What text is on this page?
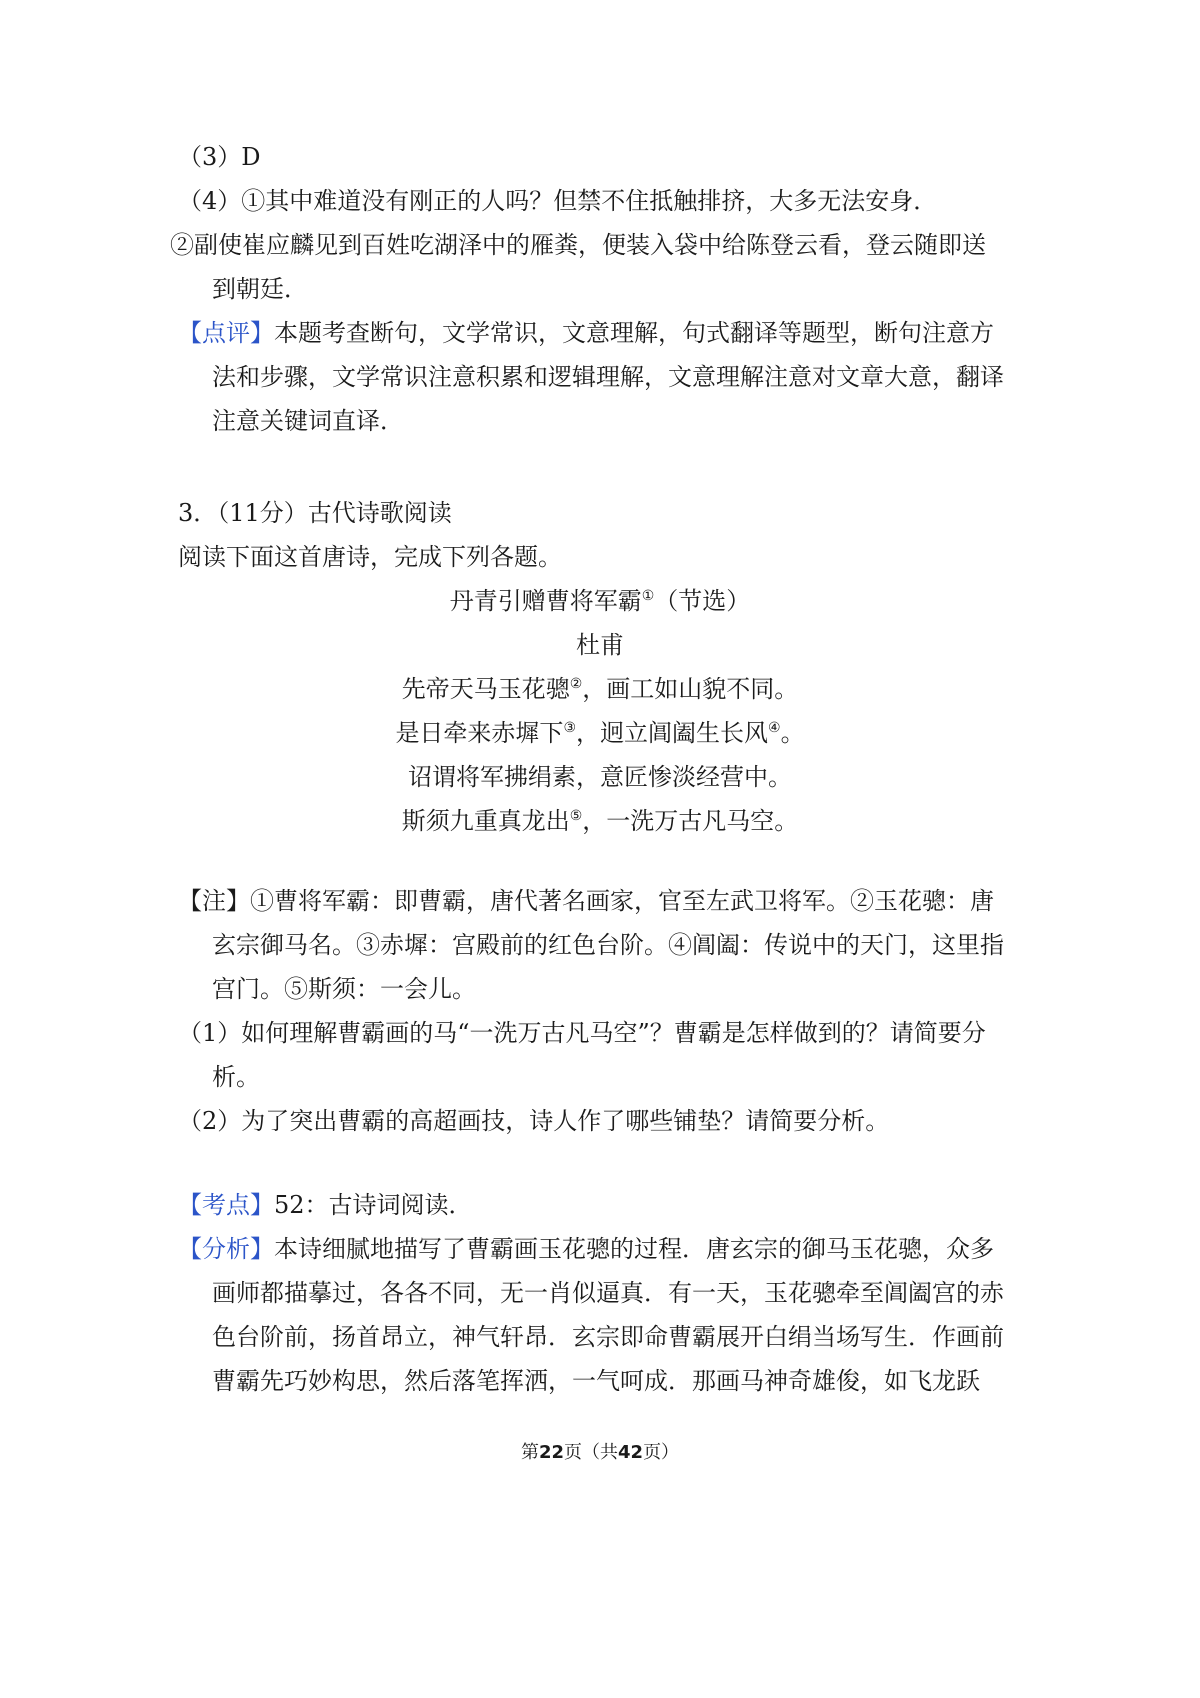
（3）D
（4）①其中难道没有刚正的人吗？但禁不住抵触排挤，大多无法安身．
②副使崔应麟见到百姓吃湖泽中的雁粪，便装入袋中给陈登云看，登云随即送
到朝廷．
【点评】本题考查断句，文学常识，文意理解，句式翻译等题型，断句注意方
法和步骤，文学常识注意积累和逻辑理解，文意理解注意对文章大意，翻译
注意关键词直译．
3．（11分）古代诗歌阅读
阅读下面这首唐诗，完成下列各题。
丹青引赠曹将军霸①（节选）
杜甫
先帝天马玉花骢②，画工如山貌不同。
是日牵来赤墀下③，迥立阊阖生长风④。
诏谓将军拂绢素，意匠惨淡经营中。
斯须九重真龙出⑤，一洗万古凡马空。
【注】①曹将军霸：即曹霸，唐代著名画家，官至左武卫将军。②玉花骢：唐
玄宗御马名。③赤墀：宫殿前的红色台阶。④阊阖：传说中的天门，这里指
宫门。⑤斯须：一会儿。
（1）如何理解曹霸画的马“一洗万古凡马空”？曹霸是怎样做到的？请简要分
析。
（2）为了突出曹霸的高超画技，诗人作了哪些铺垫？请简要分析。
【考点】52：古诗词阅读．
【分析】本诗细腻地描写了曹霸画玉花骢的过程．唐玄宗的御马玉花骢，众多
画师都描摹过，各各不同，无一肖似逼真．有一天，玉花骢牵至阊阖宫的赤
色台阶前，扬首昂立，神气轩昂．玄宗即命曹霸展开白绢当场写生．作画前
曹霸先巧妙构思，然后落笔挥洒，一气呵成．那画马神奇雄俊，如飞龙跃
第22页（共42页）
